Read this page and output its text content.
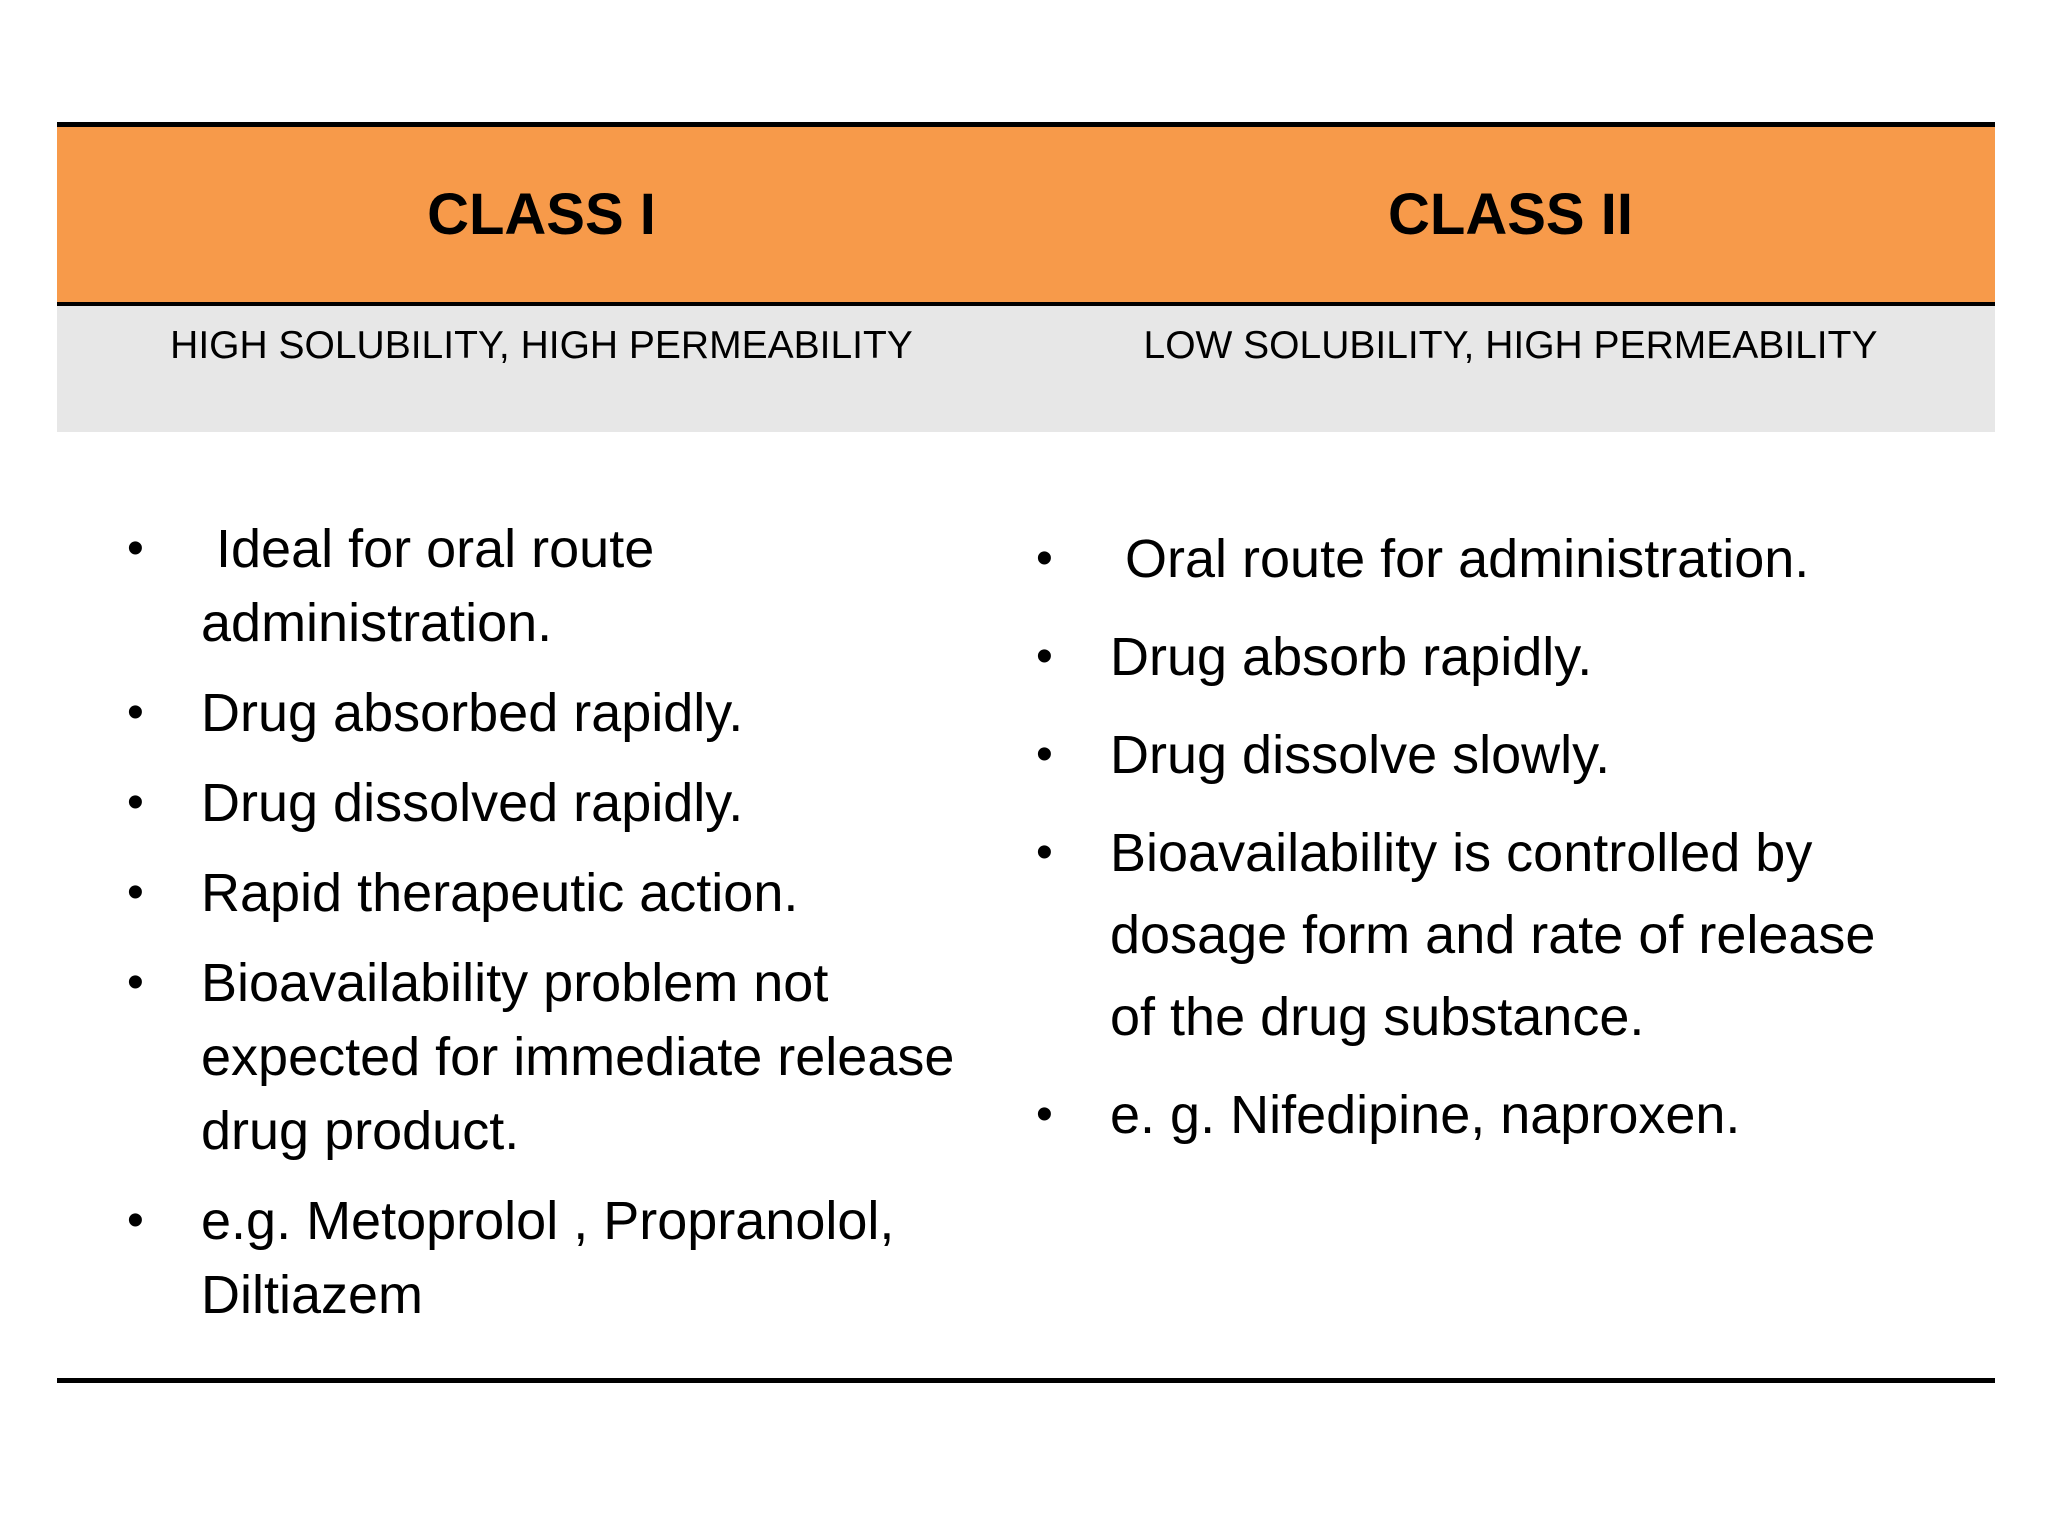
CLASS I	CLASS II
HIGH SOLUBILITY, HIGH PERMEABILITY	LOW SOLUBILITY, HIGH PERMEABILITY
• Ideal for oral route administration.
• Drug absorbed rapidly.
• Drug dissolved rapidly.
• Rapid therapeutic action.
• Bioavailability problem not expected for immediate release drug product.
• e.g. Metoprolol , Propranolol, Diltiazem
• Oral route for administration.
• Drug absorb rapidly.
• Drug dissolve slowly.
• Bioavailability is controlled by dosage form and rate of release of the drug substance.
• e. g. Nifedipine, naproxen.
